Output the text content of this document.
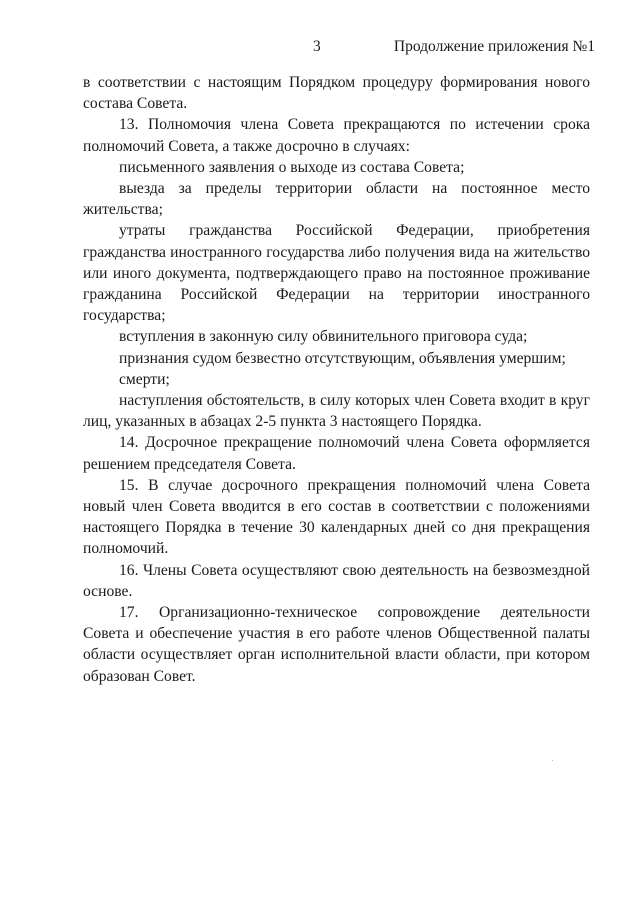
3	Продолжение приложения №1

в соответствии с настоящим Порядком процедуру формирования нового состава Совета.

13. Полномочия члена Совета прекращаются по истечении срока полномочий Совета, а также досрочно в случаях:

письменного заявления о выходе из состава Совета;

выезда за пределы территории области на постоянное место жительства;

утраты гражданства Российской Федерации, приобретения гражданства иностранного государства либо получения вида на жительство или иного документа, подтверждающего право на постоянное проживание гражданина Российской Федерации на территории иностранного государства;

вступления в законную силу обвинительного приговора суда;

признания судом безвестно отсутствующим, объявления умершим;

смерти;

наступления обстоятельств, в силу которых член Совета входит в круг лиц, указанных в абзацах 2-5 пункта 3 настоящего Порядка.

14. Досрочное прекращение полномочий члена Совета оформляется решением председателя Совета.

15. В случае досрочного прекращения полномочий члена Совета новый член Совета вводится в его состав в соответствии с положениями настоящего Порядка в течение 30 календарных дней со дня прекращения полномочий.

16. Члены Совета осуществляют свою деятельность на безвозмездной основе.

17. Организационно-техническое сопровождение деятельности Совета и обеспечение участия в его работе членов Общественной палаты области осуществляет орган исполнительной власти области, при котором образован Совет.
